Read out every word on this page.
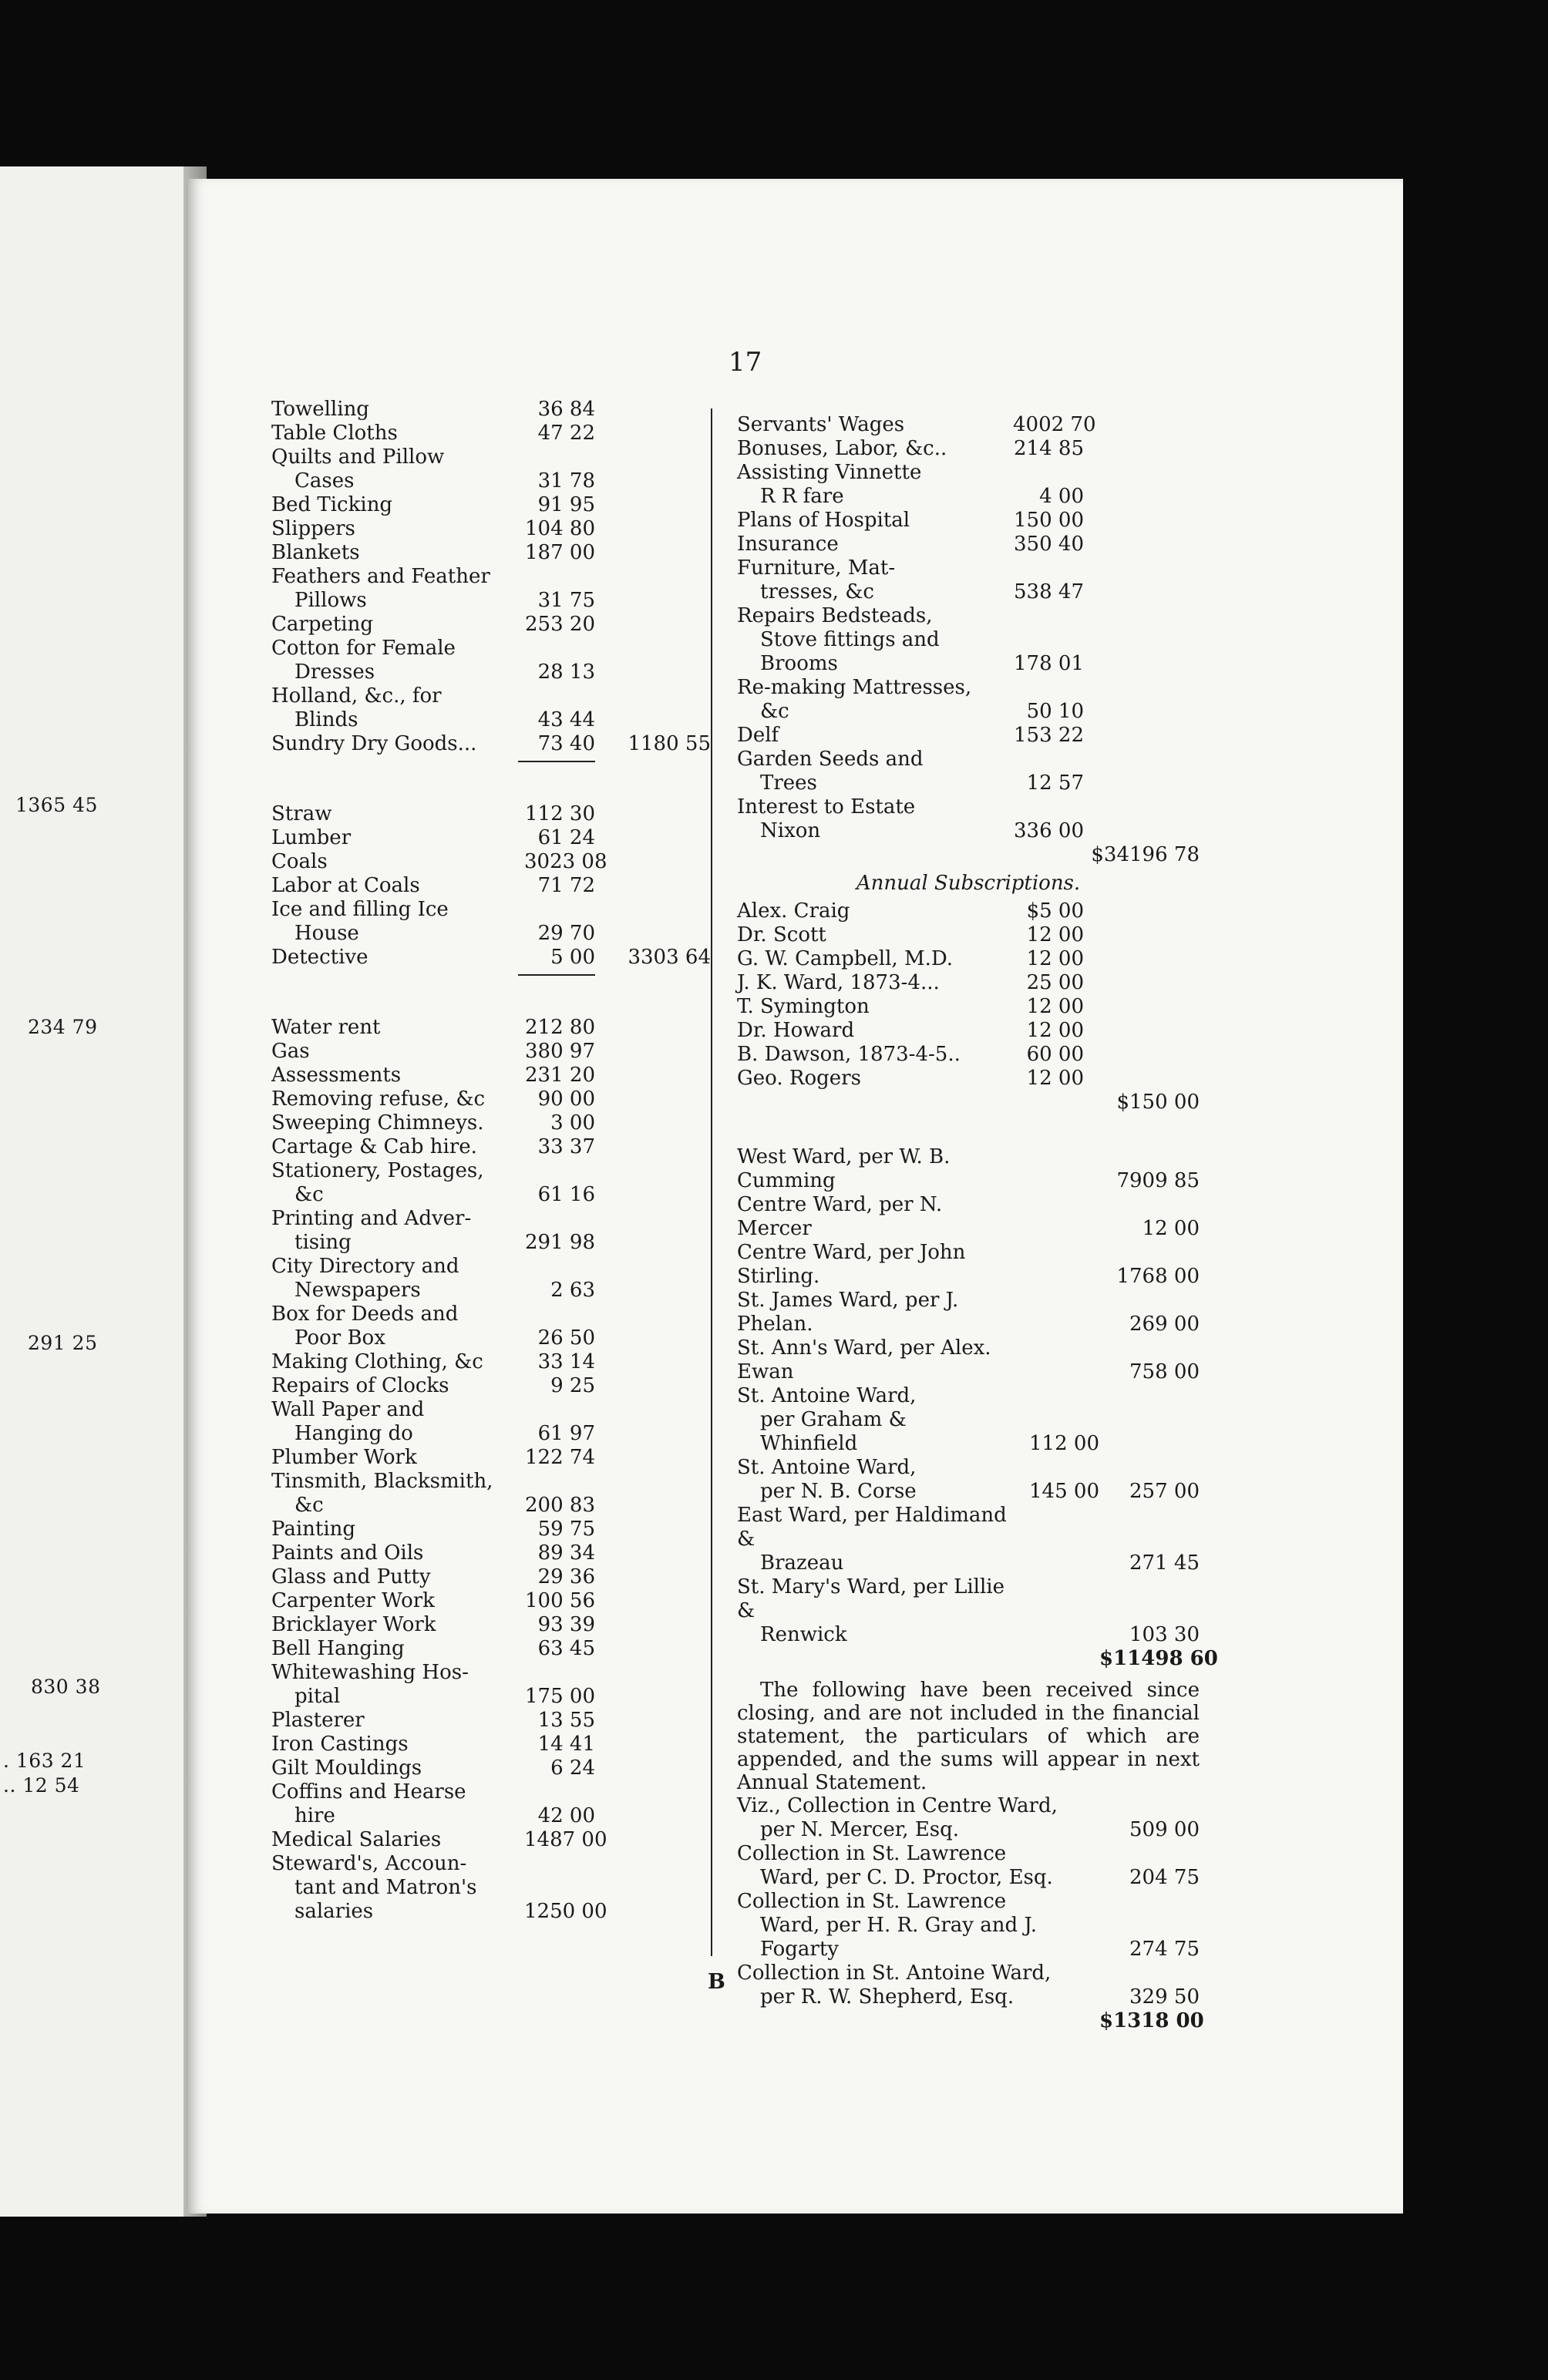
1365 45
234 79
291 25
830 38
. 163 21
.. 12 54
17
Towelling	36 84
Table Cloths	47 22
Quilts and Pillow
Cases	31 78
Bed Ticking	91 95
Slippers	104 80
Blankets	187 00
Feathers and Feather
Pillows	31 75
Carpeting	253 20
Cotton for Female
Dresses	28 13
Holland, &c., for
Blinds	43 44
Sundry Dry Goods...	73 40	1180 55
Straw	112 30
Lumber	61 24
Coals	3023 08
Labor at Coals	71 72
Ice and filling Ice
House	29 70
Detective	5 00	3303 64
Water rent	212 80
Gas	380 97
Assessments	231 20
Removing refuse, &c	90 00
Sweeping Chimneys.	3 00
Cartage & Cab hire.	33 37
Stationery, Postages,
&c	61 16
Printing and Adver-
tising	291 98
City Directory and
Newspapers	2 63
Box for Deeds and
Poor Box	26 50
Making Clothing, &c	33 14
Repairs of Clocks	9 25
Wall Paper and
Hanging do	61 97
Plumber Work	122 74
Tinsmith, Blacksmith,
&c	200 83
Painting	59 75
Paints and Oils	89 34
Glass and Putty	29 36
Carpenter Work	100 56
Bricklayer Work	93 39
Bell Hanging	63 45
Whitewashing Hos-
pital	175 00
Plasterer	13 55
Iron Castings	14 41
Gilt Mouldings	6 24
Coffins and Hearse
hire	42 00
Medical Salaries	1487 00
Steward's, Accoun-
tant and Matron's salaries	1250 00
Servants' Wages	4002 70
Bonuses, Labor, &c..	214 85
Assisting Vinnette
R R fare	4 00
Plans of Hospital	150 00
Insurance	350 40
Furniture, Mat-
tresses, &c	538 47
Repairs Bedsteads,
Stove fittings and Brooms	178 01
Re-making Mattresses,
&c	50 10
Delf	153 22
Garden Seeds and
Trees	12 57
Interest to Estate
Nixon	336 00
$34196 78
Annual Subscriptions.
Alex. Craig	$5 00
Dr. Scott	12 00
G. W. Campbell, M.D.	12 00
J. K. Ward, 1873-4...	25 00
T. Symington	12 00
Dr. Howard	12 00
B. Dawson, 1873-4-5..	60 00
Geo. Rogers	12 00
$150 00
West Ward, per W. B. Cumming	7909 85
Centre Ward, per N. Mercer	12 00
Centre Ward, per John Stirling.	1768 00
St. James Ward, per J. Phelan.	269 00
St. Ann's Ward, per Alex. Ewan	758 00
St. Antoine Ward,
per Graham & Whinfield	112 00
St. Antoine Ward,
per N. B. Corse	145 00	257 00
East Ward, per Haldimand &
Brazeau	271 45
St. Mary's Ward, per Lillie &
Renwick	103 30
$11498 60
The following have been received since closing, and are not included in the financial statement, the particulars of which are appended, and the sums will appear in next Annual Statement.
Viz., Collection in Centre Ward,
per N. Mercer, Esq.	509 00
Collection in St. Lawrence
Ward, per C. D. Proctor, Esq.	204 75
Collection in St. Lawrence
Ward, per H. R. Gray and J. Fogarty	274 75
Collection in St. Antoine Ward,
per R. W. Shepherd, Esq.	329 50
$1318 00
B
